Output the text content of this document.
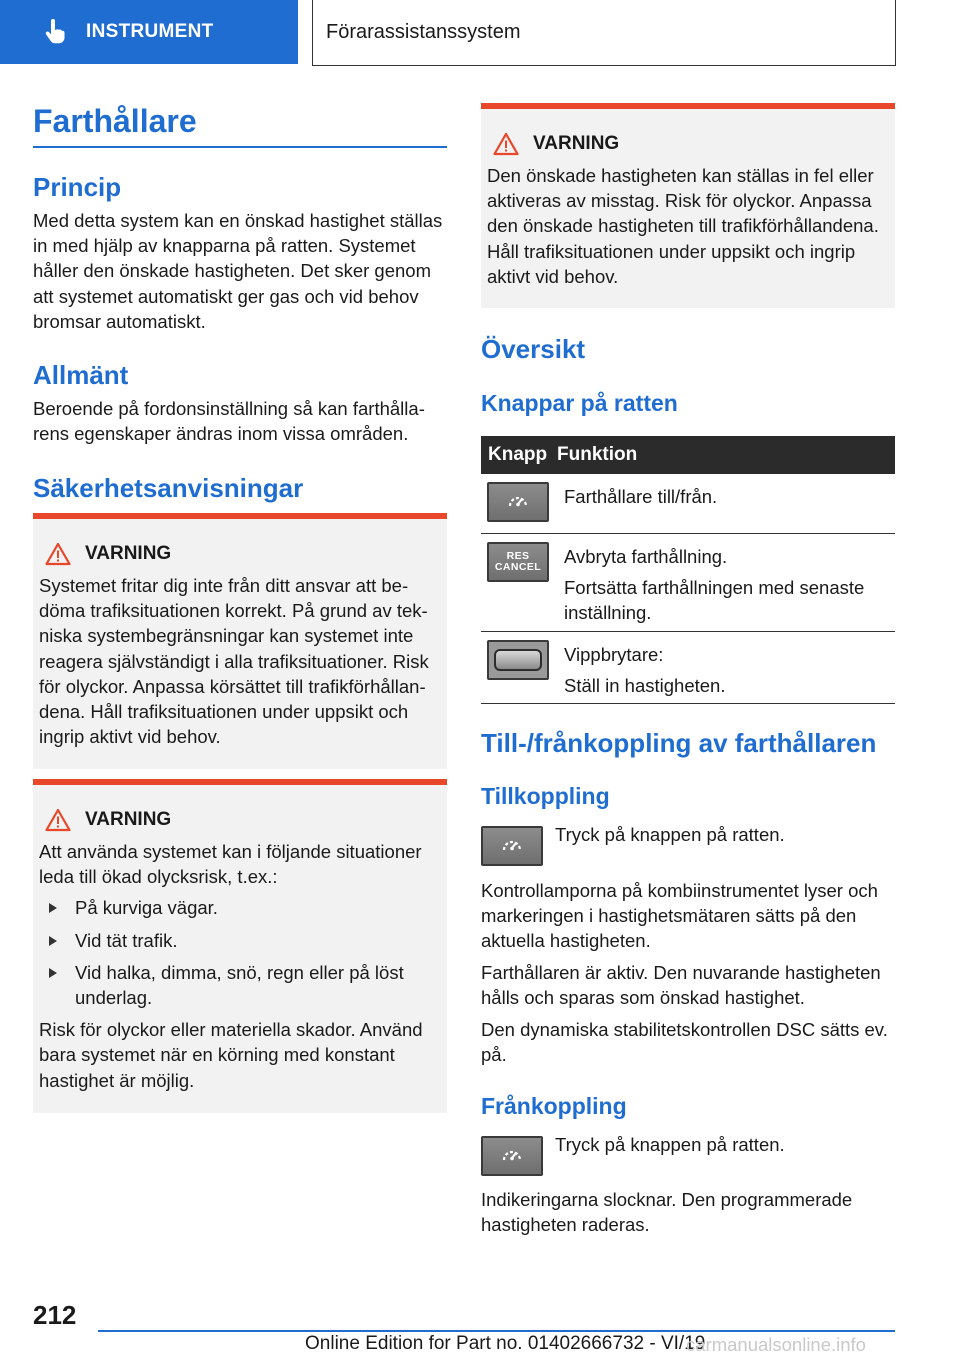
INSTRUMENT	Förarassistanssystem
Farthållare
Princip
Med detta system kan en önskad hastighet ställas in med hjälp av knapparna på ratten. Systemet håller den önskade hastigheten. Det sker genom att systemet automatiskt ger gas och vid behov bromsar automatiskt.
Allmänt
Beroende på fordonsinställning så kan farthållarens egenskaper ändras inom vissa områden.
Säkerhetsanvisningar
VARNING
Systemet fritar dig inte från ditt ansvar att bedöma trafiksituationen korrekt. På grund av tekniska systembegränsningar kan systemet inte reagera självständigt i alla trafiksituationer. Risk för olyckor. Anpassa körsättet till trafikförhållandena. Håll trafiksituationen under uppsikt och ingrip aktivt vid behov.
VARNING
Att använda systemet kan i följande situationer leda till ökad olycksrisk, t.ex.:
På kurviga vägar.
Vid tät trafik.
Vid halka, dimma, snö, regn eller på löst underlag.
Risk för olyckor eller materiella skador. Använd bara systemet när en körning med konstant hastighet är möjlig.
VARNING
Den önskade hastigheten kan ställas in fel eller aktiveras av misstag. Risk för olyckor. Anpassa den önskade hastigheten till trafikförhållandena. Håll trafiksituationen under uppsikt och ingrip aktivt vid behov.
Översikt
Knappar på ratten
Knapp Funktion
Farthållare till/från.
RES
CANCEL Avbryta farthållning.
Fortsätta farthållningen med senaste inställning.
Vippbrytare:
Ställ in hastigheten.
Till-/frånkoppling av farthållaren
Tillkoppling
Tryck på knappen på ratten.
Kontrollamporna på kombiinstrumentet lyser och markeringen i hastighetsmätaren sätts på den aktuella hastigheten.
Farthållaren är aktiv. Den nuvarande hastigheten hålls och sparas som önskad hastighet.
Den dynamiska stabilitetskontrollen DSC sätts ev. på.
Frånkoppling
Tryck på knappen på ratten.
Indikeringarna slocknar. Den programmerade hastigheten raderas.
212
Online Edition for Part no. 01402666732 - VI/19
carmanualsonline.info
